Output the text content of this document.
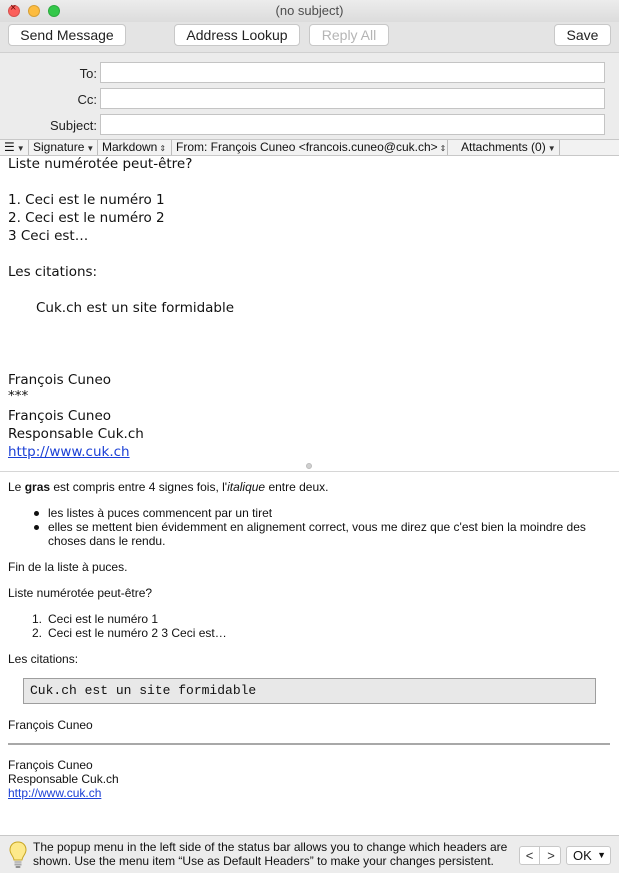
×
(no subject)
Send Message	Address Lookup	Reply All	Save
To:
Cc:
Subject:
☰ ▼ Signature ▼ Markdown ⇕ From: François Cuneo <francois.cuneo@cuk.ch> ⇕	Attachments (0) ▼
Liste numérotée peut-être?
1. Ceci est le numéro 1
2. Ceci est le numéro 2
3 Ceci est…
Les citations:
Cuk.ch est un site formidable
François Cuneo
***
François Cuneo
Responsable Cuk.ch
http://www.cuk.ch
Le gras est compris entre 4 signes fois, l'italique entre deux.
les listes à puces commencent par un tiret
elles se mettent bien évidemment en alignement correct, vous me direz que c'est bien la moindre des
choses dans le rendu.
Fin de la liste à puces.
Liste numérotée peut-être?
1. Ceci est le numéro 1
2. Ceci est le numéro 2 3 Ceci est…
Les citations:
Cuk.ch est un site formidable
François Cuneo
François Cuneo
Responsable Cuk.ch
http://www.cuk.ch
The popup menu in the left side of the status bar allows you to change which headers are
shown. Use the menu item “Use as Default Headers” to make your changes persistent.	<	>	OK ▼
